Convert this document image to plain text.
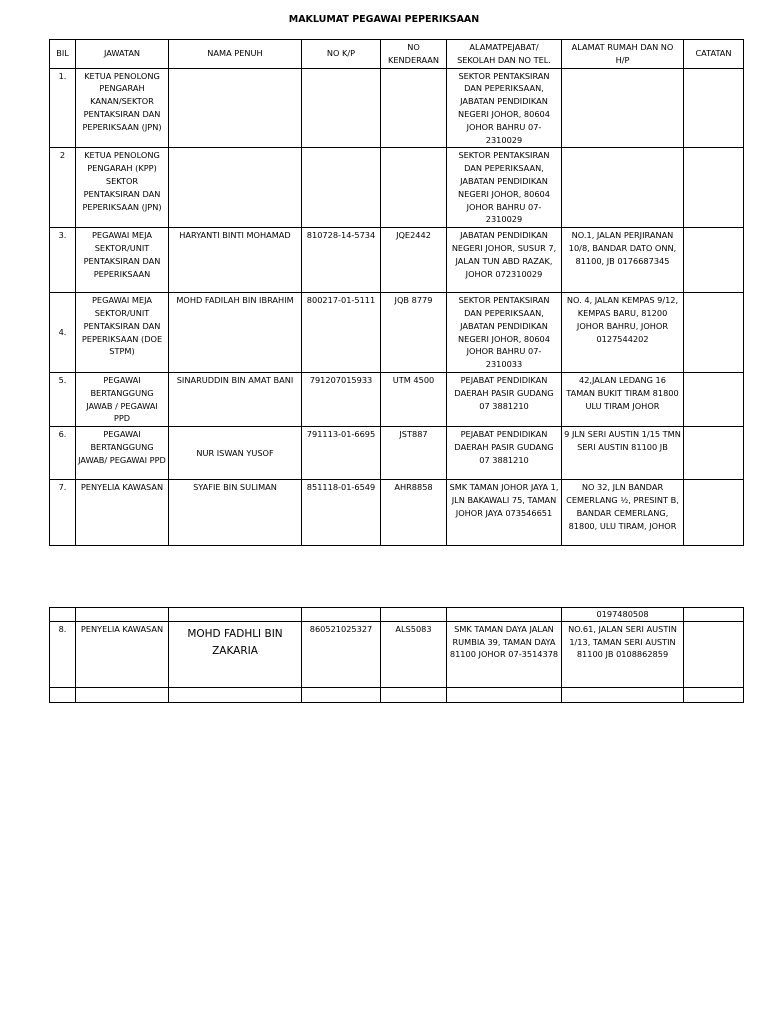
MAKLUMAT PEGAWAI PEPERIKSAAN
BIL	JAWATAN	NAMA PENUH	NO K/P	NO KENDERAAN	ALAMATPEJABAT/ SEKOLAH DAN NO TEL.	ALAMAT RUMAH DAN NO H/P	CATATAN
1.	KETUA PENOLONG PENGARAH KANAN/SEKTOR PENTAKSIRAN DAN PEPERIKSAAN (JPN)				SEKTOR PENTAKSIRAN DAN PEPERIKSAAN, JABATAN PENDIDIKAN NEGERI JOHOR, 80604 JOHOR BAHRU 07-2310029		
2	KETUA PENOLONG PENGARAH (KPP) SEKTOR PENTAKSIRAN DAN PEPERIKSAAN (JPN)				SEKTOR PENTAKSIRAN DAN PEPERIKSAAN, JABATAN PENDIDIKAN NEGERI JOHOR, 80604 JOHOR BAHRU 07-2310029		
3.	PEGAWAI MEJA SEKTOR/UNIT PENTAKSIRAN DAN PEPERIKSAAN	HARYANTI BINTI MOHAMAD	810728-14-5734	JQE2442	JABATAN PENDIDIKAN NEGERI JOHOR, SUSUR 7, JALAN TUN ABD RAZAK, JOHOR 072310029	NO.1, JALAN PERJIRANAN 10/8, BANDAR DATO ONN, 81100, JB 0176687345	
4.	PEGAWAI MEJA SEKTOR/UNIT PENTAKSIRAN DAN PEPERIKSAAN (DOE STPM)	MOHD FADILAH BIN IBRAHIM	800217-01-5111	JQB 8779	SEKTOR PENTAKSIRAN DAN PEPERIKSAAN, JABATAN PENDIDIKAN NEGERI JOHOR, 80604 JOHOR BAHRU 07-2310033	NO. 4, JALAN KEMPAS 9/12, KEMPAS BARU, 81200 JOHOR BAHRU, JOHOR 0127544202	
5.	PEGAWAI BERTANGGUNG JAWAB / PEGAWAI PPD	SINARUDDIN BIN AMAT BANI	791207015933	UTM 4500	PEJABAT PENDIDIKAN DAERAH PASIR GUDANG 07 3881210	42,JALAN LEDANG 16 TAMAN BUKIT TIRAM 81800 ULU TIRAM JOHOR	
6.	PEGAWAI BERTANGGUNG JAWAB/ PEGAWAI PPD	NUR ISWAN YUSOF	791113-01-6695	JST887	PEJABAT PENDIDIKAN DAERAH PASIR GUDANG 07 3881210	9 JLN SERI AUSTIN 1/15 TMN SERI AUSTIN 81100 JB	
7.	PENYELIA KAWASAN	SYAFIE BIN SULIMAN	851118-01-6549	AHR8858	SMK TAMAN JOHOR JAYA 1, JLN BAKAWALI 75, TAMAN JOHOR JAYA 073546651	NO 32, JLN BANDAR CEMERLANG ½, PRESINT B, BANDAR CEMERLANG, 81800, ULU TIRAM, JOHOR	
						0197480508	
8.	PENYELIA KAWASAN	MOHD FADHLI BIN ZAKARIA	860521025327	ALS5083	SMK TAMAN DAYA JALAN RUMBIA 39, TAMAN DAYA 81100 JOHOR 07-3514378	NO.61, JALAN SERI AUSTIN 1/13, TAMAN SERI AUSTIN 81100 JB 0108862859	
